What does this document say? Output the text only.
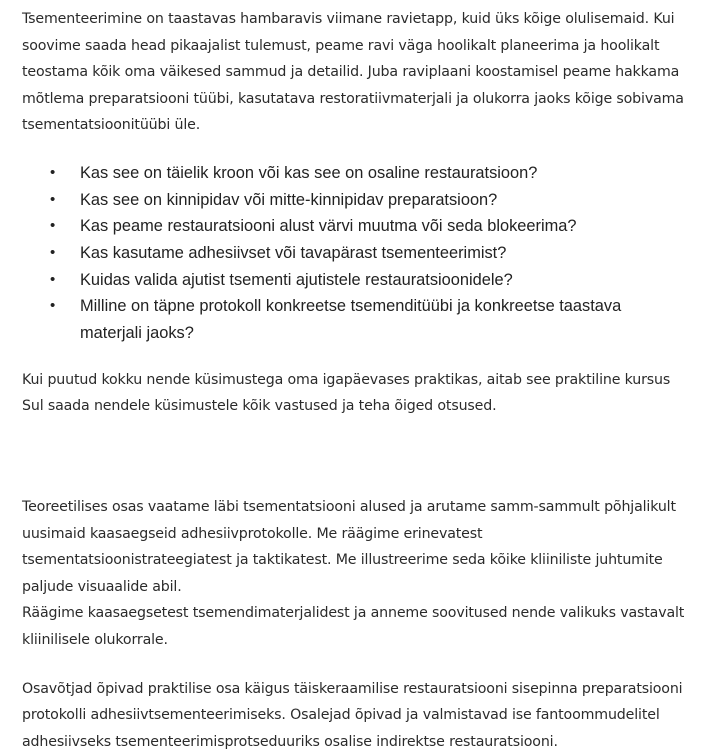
Tsementeerimine on taastavas hambaravis viimane ravietapp, kuid üks kõige olulisemaid. Kui soovime saada head pikaajalist tulemust, peame ravi väga hoolikalt planeerima ja hoolikalt teostama kõik oma väikesed sammud ja detailid. Juba raviplaani koostamisel peame hakkama mõtlema preparatsiooni tüübi, kasutatava restoratiivmaterjali ja olukorra jaoks kõige sobivama tsementatsioonitüübi üle.

• Kas see on täielik kroon või kas see on osaline restauratsioon?
• Kas see on kinnipidav või mitte-kinnipidav preparatsioon?
• Kas peame restauratsiooni alust värvi muutma või seda blokeerima?
• Kas kasutame adhesiivset või tavapärast tsementeerimist?
• Kuidas valida ajutist tsementi ajutistele restauratsioonidele?
• Milline on täpne protokoll konkreetse tsemenditüübi ja konkreetse taastava materjali jaoks?

Kui puutud kokku nende küsimustega oma igapäevases praktikas, aitab see praktiline kursus Sul saada nendele küsimustele kõik vastused ja teha õiged otsused.

Teoreetilises osas vaatame läbi tsementatsiooni alused ja arutame samm-sammult põhjalikult uusimaid kaasaegseid adhesiivprotokolle. Me räägime erinevatest tsementatsioonistrateegiatest ja taktikatest. Me illustreerime seda kõike kliiniliste juhtumite paljude visuaalide abil.
Räägime kaasaegsetest tsemendimaterjalidest ja anneme soovitused nende valikuks vastavalt kliinilisele olukorrale.

Osavõtjad õpivad praktilise osa käigus täiskeraamilise restauratsiooni sisepinna preparatsiooni protokolli adhesiivtsementeerimiseks. Osalejad õpivad ja valmistavad ise fantoommudelitel adhesiivseks tsementeerimisprotseduuriks osalise indirektse restauratsiooni.
